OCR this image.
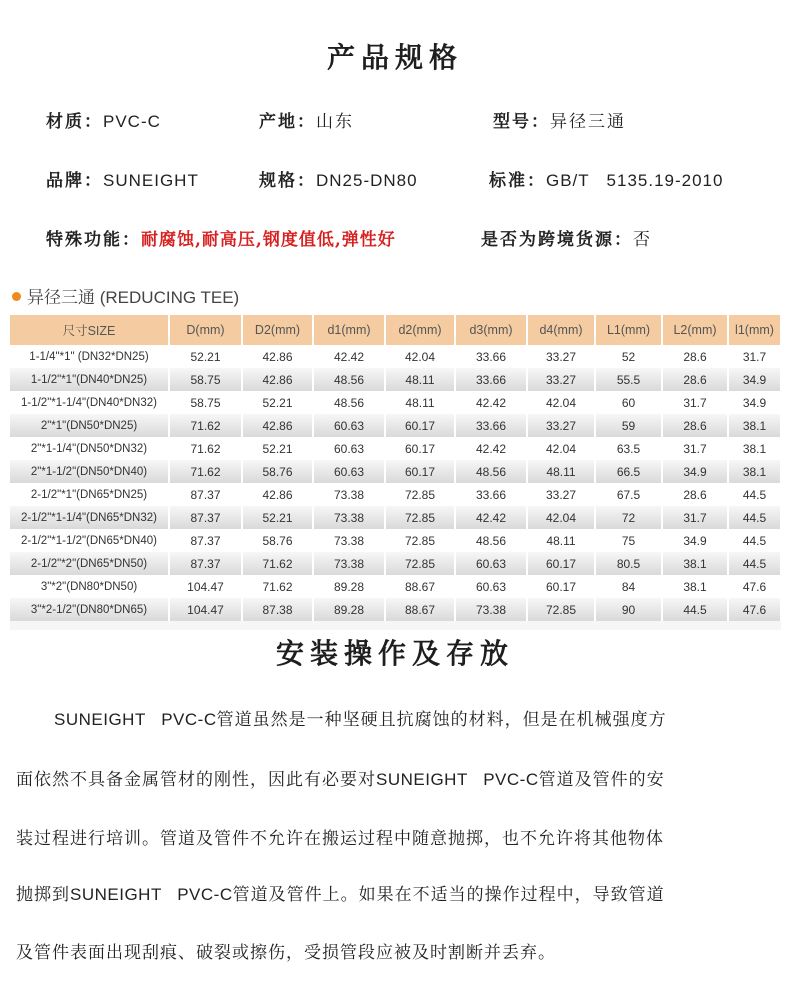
产品规格
材质：PVC-C	产地：山东	型号：异径三通
品牌：SUNEIGHT	规格：DN25-DN80	标准：GB/T   5135.19-2010
特殊功能：耐腐蚀,耐高压,钢度值低,弹性好	是否为跨境货源：否
异径三通 (REDUCING TEE)
尺寸SIZE	D(mm)	D2(mm)	d1(mm)	d2(mm)	d3(mm)	d4(mm)	L1(mm)	L2(mm)	l1(mm)
1-1/4"*1" (DN32*DN25)	52.21	42.86	42.42	42.04	33.66	33.27	52	28.6	31.7
1-1/2"*1"(DN40*DN25)	58.75	42.86	48.56	48.11	33.66	33.27	55.5	28.6	34.9
1-1/2"*1-1/4"(DN40*DN32)	58.75	52.21	48.56	48.11	42.42	42.04	60	31.7	34.9
2"*1"(DN50*DN25)	71.62	42.86	60.63	60.17	33.66	33.27	59	28.6	38.1
2"*1-1/4"(DN50*DN32)	71.62	52.21	60.63	60.17	42.42	42.04	63.5	31.7	38.1
2"*1-1/2"(DN50*DN40)	71.62	58.76	60.63	60.17	48.56	48.11	66.5	34.9	38.1
2-1/2"*1"(DN65*DN25)	87.37	42.86	73.38	72.85	33.66	33.27	67.5	28.6	44.5
2-1/2"*1-1/4"(DN65*DN32)	87.37	52.21	73.38	72.85	42.42	42.04	72	31.7	44.5
2-1/2"*1-1/2"(DN65*DN40)	87.37	58.76	73.38	72.85	48.56	48.11	75	34.9	44.5
2-1/2"*2"(DN65*DN50)	87.37	71.62	73.38	72.85	60.63	60.17	80.5	38.1	44.5
3"*2"(DN80*DN50)	104.47	71.62	89.28	88.67	60.63	60.17	84	38.1	47.6
3"*2-1/2"(DN80*DN65)	104.47	87.38	89.28	88.67	73.38	72.85	90	44.5	47.6
安装操作及存放
SUNEIGHT   PVC-C管道虽然是一种坚硬且抗腐蚀的材料，但是在机械强度方
面依然不具备金属管材的刚性，因此有必要对SUNEIGHT   PVC-C管道及管件的安
装过程进行培训。管道及管件不允许在搬运过程中随意抛掷，也不允许将其他物体
抛掷到SUNEIGHT   PVC-C管道及管件上。如果在不适当的操作过程中，导致管道
及管件表面出现刮痕、破裂或擦伤，受损管段应被及时割断并丢弃。
